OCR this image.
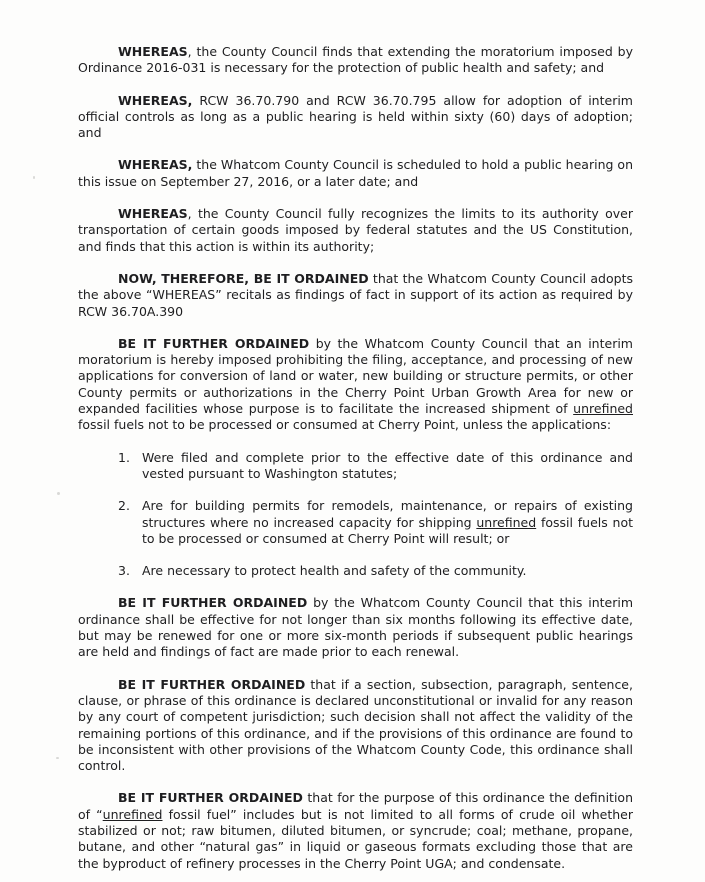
WHEREAS, the County Council finds that extending the moratorium imposed by Ordinance 2016-031 is necessary for the protection of public health and safety; and

WHEREAS, RCW 36.70.790 and RCW 36.70.795 allow for adoption of interim official controls as long as a public hearing is held within sixty (60) days of adoption; and

WHEREAS, the Whatcom County Council is scheduled to hold a public hearing on this issue on September 27, 2016, or a later date; and

WHEREAS, the County Council fully recognizes the limits to its authority over transportation of certain goods imposed by federal statutes and the US Constitution, and finds that this action is within its authority;

NOW, THEREFORE, BE IT ORDAINED that the Whatcom County Council adopts the above “WHEREAS” recitals as findings of fact in support of its action as required by RCW 36.70A.390

BE IT FURTHER ORDAINED by the Whatcom County Council that an interim moratorium is hereby imposed prohibiting the filing, acceptance, and processing of new applications for conversion of land or water, new building or structure permits, or other County permits or authorizations in the Cherry Point Urban Growth Area for new or expanded facilities whose purpose is to facilitate the increased shipment of unrefined fossil fuels not to be processed or consumed at Cherry Point, unless the applications:

1. Were filed and complete prior to the effective date of this ordinance and vested pursuant to Washington statutes;

2. Are for building permits for remodels, maintenance, or repairs of existing structures where no increased capacity for shipping unrefined fossil fuels not to be processed or consumed at Cherry Point will result; or

3. Are necessary to protect health and safety of the community.

BE IT FURTHER ORDAINED by the Whatcom County Council that this interim ordinance shall be effective for not longer than six months following its effective date, but may be renewed for one or more six-month periods if subsequent public hearings are held and findings of fact are made prior to each renewal.

BE IT FURTHER ORDAINED that if a section, subsection, paragraph, sentence, clause, or phrase of this ordinance is declared unconstitutional or invalid for any reason by any court of competent jurisdiction; such decision shall not affect the validity of the remaining portions of this ordinance, and if the provisions of this ordinance are found to be inconsistent with other provisions of the Whatcom County Code, this ordinance shall control.

BE IT FURTHER ORDAINED that for the purpose of this ordinance the definition of “unrefined fossil fuel” includes but is not limited to all forms of crude oil whether stabilized or not; raw bitumen, diluted bitumen, or syncrude; coal; methane, propane, butane, and other “natural gas” in liquid or gaseous formats excluding those that are the byproduct of refinery processes in the Cherry Point UGA; and condensate.
